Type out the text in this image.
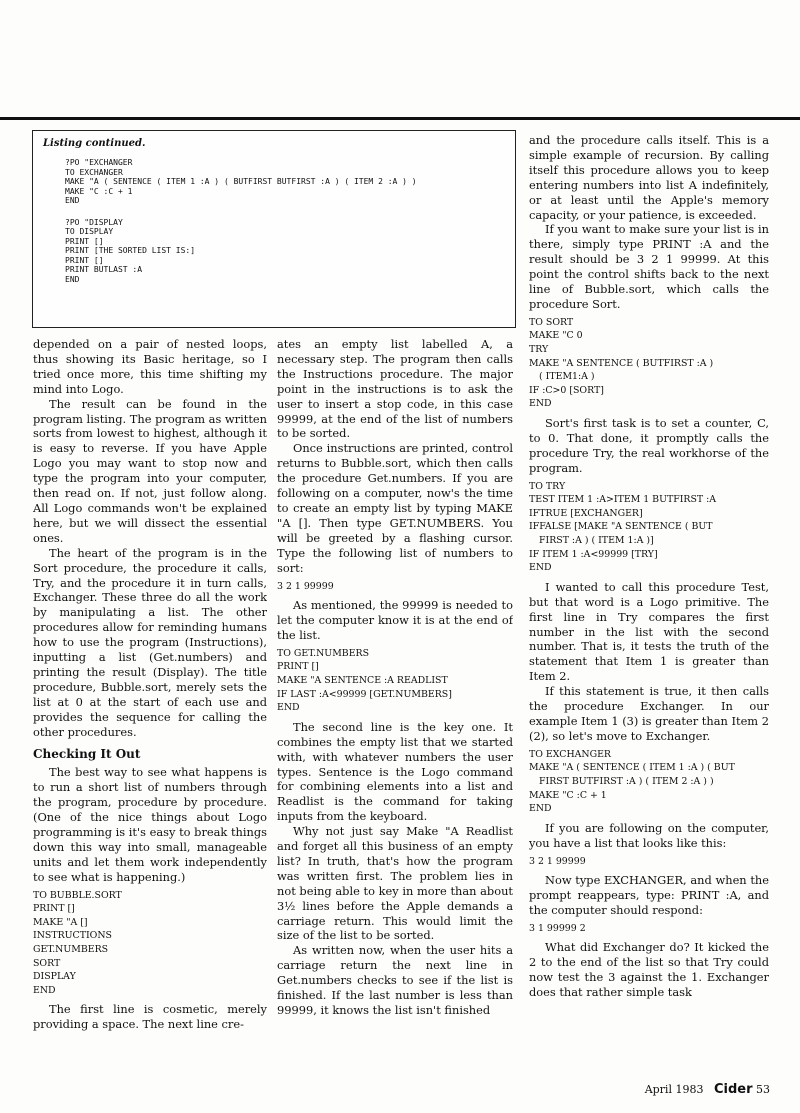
Listing continued.
?PO "EXCHANGER
TO EXCHANGER
MAKE "A ( SENTENCE ( ITEM 1 :A ) ( BUTFIRST BUTFIRST :A ) ( ITEM 2 :A ) )
MAKE "C :C + 1
END
?PO "DISPLAY
TO DISPLAY
PRINT []
PRINT [THE SORTED LIST IS:]
PRINT []
PRINT BUTLAST :A
END

depended on a pair of nested loops, thus showing its Basic heritage, so I tried once more, this time shifting my mind into Logo.

The result can be found in the program listing. The program as written sorts from lowest to highest, although it is easy to reverse. If you have Apple Logo you may want to stop now and type the program into your computer, then read on. If not, just follow along. All Logo commands won't be explained here, but we will dissect the essential ones.

The heart of the program is in the Sort procedure, the procedure it calls, Try, and the procedure it in turn calls, Exchanger. These three do all the work by manipulating a list. The other procedures allow for reminding humans how to use the program (Instructions), inputting a list (Get.numbers) and printing the result (Display). The title procedure, Bubble.sort, merely sets the list at 0 at the start of each use and provides the sequence for calling the other procedures.

Checking It Out

The best way to see what happens is to run a short list of numbers through the program, procedure by procedure. (One of the nice things about Logo programming is it's easy to break things down this way into small, manageable units and let them work independently to see what is happening.)

TO BUBBLE.SORT
PRINT []
MAKE "A []
INSTRUCTIONS
GET.NUMBERS
SORT
DISPLAY
END

The first line is cosmetic, merely providing a space. The next line cre-

ates an empty list labelled A, a necessary step. The program then calls the Instructions procedure. The major point in the instructions is to ask the user to insert a stop code, in this case 99999, at the end of the list of numbers to be sorted.

Once instructions are printed, control returns to Bubble.sort, which then calls the procedure Get.numbers. If you are following on a computer, now's the time to create an empty list by typing MAKE "A []. Then type GET.NUMBERS. You will be greeted by a flashing cursor. Type the following list of numbers to sort:

3 2 1 99999

As mentioned, the 99999 is needed to let the computer know it is at the end of the list.

TO GET.NUMBERS
PRINT []
MAKE "A SENTENCE :A READLIST
IF LAST :A<99999 [GET.NUMBERS]
END

The second line is the key one. It combines the empty list that we started with, with whatever numbers the user types. Sentence is the Logo command for combining elements into a list and Readlist is the command for taking inputs from the keyboard.

Why not just say Make "A Readlist and forget all this business of an empty list? In truth, that's how the program was written first. The problem lies in not being able to key in more than about 3½ lines before the Apple demands a carriage return. This would limit the size of the list to be sorted.

As written now, when the user hits a carriage return the next line in Get.numbers checks to see if the list is finished. If the last number is less than 99999, it knows the list isn't finished

and the procedure calls itself. This is a simple example of recursion. By calling itself this procedure allows you to keep entering numbers into list A indefinitely, or at least until the Apple's memory capacity, or your patience, is exceeded.

If you want to make sure your list is in there, simply type PRINT :A and the result should be 3 2 1 99999. At this point the control shifts back to the next line of Bubble.sort, which calls the procedure Sort.

TO SORT
MAKE "C 0
TRY
MAKE "A SENTENCE ( BUTFIRST :A )
( ITEM1:A )
IF :C>0 [SORT]
END

Sort's first task is to set a counter, C, to 0. That done, it promptly calls the procedure Try, the real workhorse of the program.

TO TRY
TEST ITEM 1 :A>ITEM 1 BUTFIRST :A
IFTRUE [EXCHANGER]
IFFALSE [MAKE "A SENTENCE ( BUT
FIRST :A ) ( ITEM 1:A )]
IF ITEM 1 :A<99999 [TRY]
END

I wanted to call this procedure Test, but that word is a Logo primitive. The first line in Try compares the first number in the list with the second number. That is, it tests the truth of the statement that Item 1 is greater than Item 2.

If this statement is true, it then calls the procedure Exchanger. In our example Item 1 (3) is greater than Item 2 (2), so let's move to Exchanger.

TO EXCHANGER
MAKE "A ( SENTENCE ( ITEM 1 :A ) ( BUT
FIRST BUTFIRST :A ) ( ITEM 2 :A ) )
MAKE "C :C + 1
END

If you are following on the computer, you have a list that looks like this:

3 2 1 99999

Now type EXCHANGER, and when the prompt reappears, type: PRINT :A, and the computer should respond:

3 1 99999 2

What did Exchanger do? It kicked the 2 to the end of the list so that Try could now test the 3 against the 1. Exchanger does that rather simple task

April 1983 Cider 53
